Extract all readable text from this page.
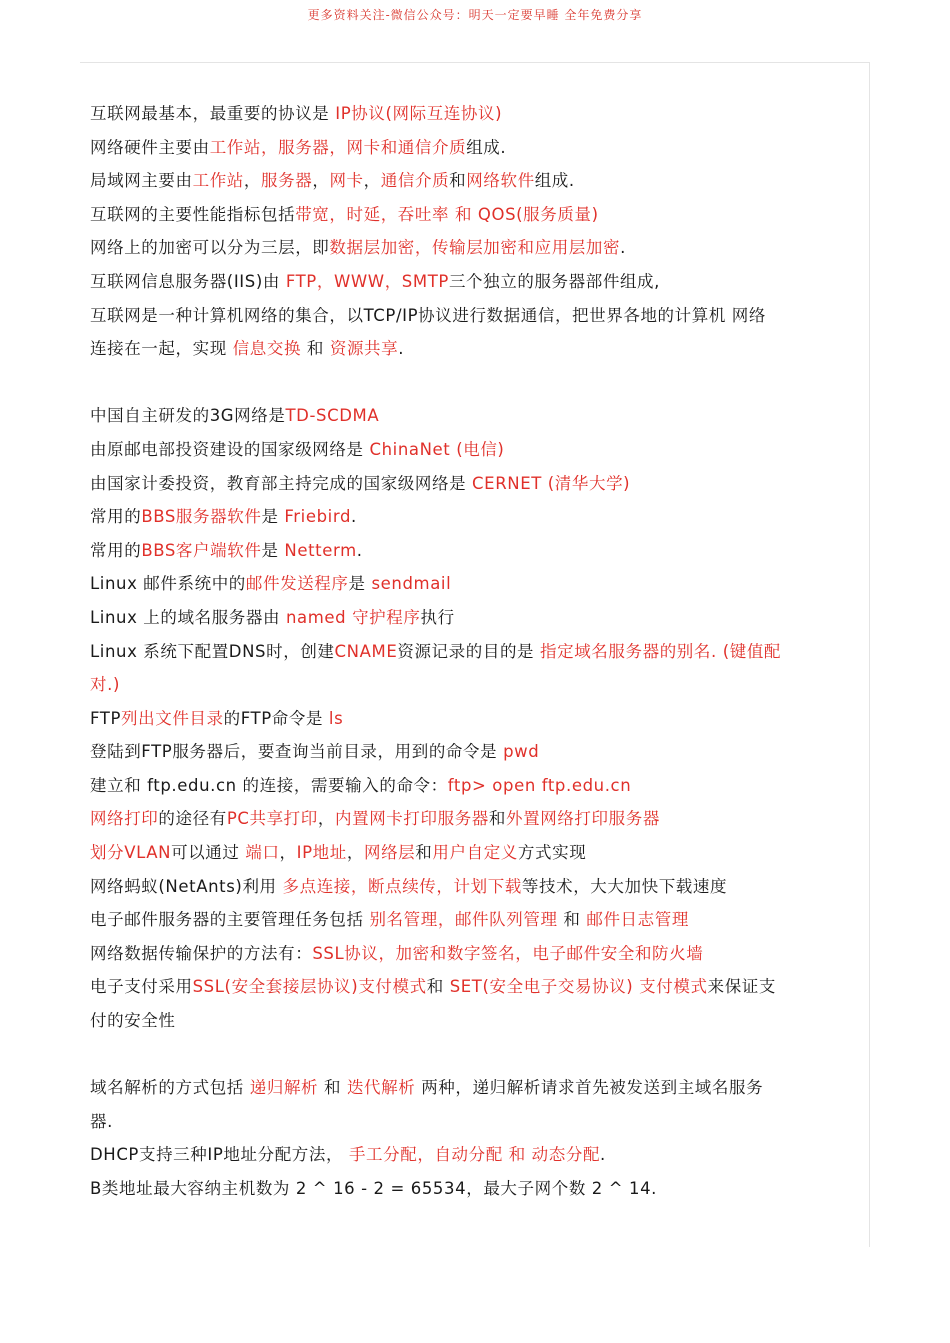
更多资料关注-微信公众号：明天一定要早睡 全年免费分享
互联网最基本，最重要的协议是 IP协议(网际互连协议)
网络硬件主要由工作站，服务器，网卡和通信介质组成.
局域网主要由工作站，服务器，网卡，通信介质和网络软件组成.
互联网的主要性能指标包括带宽，时延，吞吐率 和 QOS(服务质量)
网络上的加密可以分为三层，即数据层加密，传输层加密和应用层加密.
互联网信息服务器(IIS)由 FTP，WWW，SMTP三个独立的服务器部件组成,
互联网是一种计算机网络的集合，以TCP/IP协议进行数据通信，把世界各地的计算机 网络
连接在一起，实现 信息交换 和 资源共享.
中国自主研发的3G网络是TD-SCDMA
由原邮电部投资建设的国家级网络是 ChinaNet (电信)
由国家计委投资，教育部主持完成的国家级网络是 CERNET (清华大学)
常用的BBS服务器软件是 Friebird.
常用的BBS客户端软件是 Netterm.
Linux 邮件系统中的邮件发送程序是 sendmail
Linux 上的域名服务器由 named 守护程序执行
Linux 系统下配置DNS时，创建CNAME资源记录的目的是 指定域名服务器的别名. (键值配
对.)
FTP列出文件目录的FTP命令是 ls
登陆到FTP服务器后，要查询当前目录，用到的命令是 pwd
建立和 ftp.edu.cn 的连接，需要输入的命令：ftp> open ftp.edu.cn
网络打印的途径有PC共享打印，内置网卡打印服务器和外置网络打印服务器
划分VLAN可以通过 端口，IP地址，网络层和用户自定义方式实现
网络蚂蚁(NetAnts)利用 多点连接，断点续传，计划下载等技术，大大加快下载速度
电子邮件服务器的主要管理任务包括 别名管理，邮件队列管理 和 邮件日志管理
网络数据传输保护的方法有：SSL协议，加密和数字签名，电子邮件安全和防火墙
电子支付采用SSL(安全套接层协议)支付模式和 SET(安全电子交易协议) 支付模式来保证支
付的安全性
域名解析的方式包括 递归解析 和 迭代解析 两种，递归解析请求首先被发送到主域名服务
器.
DHCP支持三种IP地址分配方法， 手工分配，自动分配 和 动态分配.
B类地址最大容纳主机数为 2 ^ 16 - 2 = 65534，最大子网个数 2 ^ 14.
